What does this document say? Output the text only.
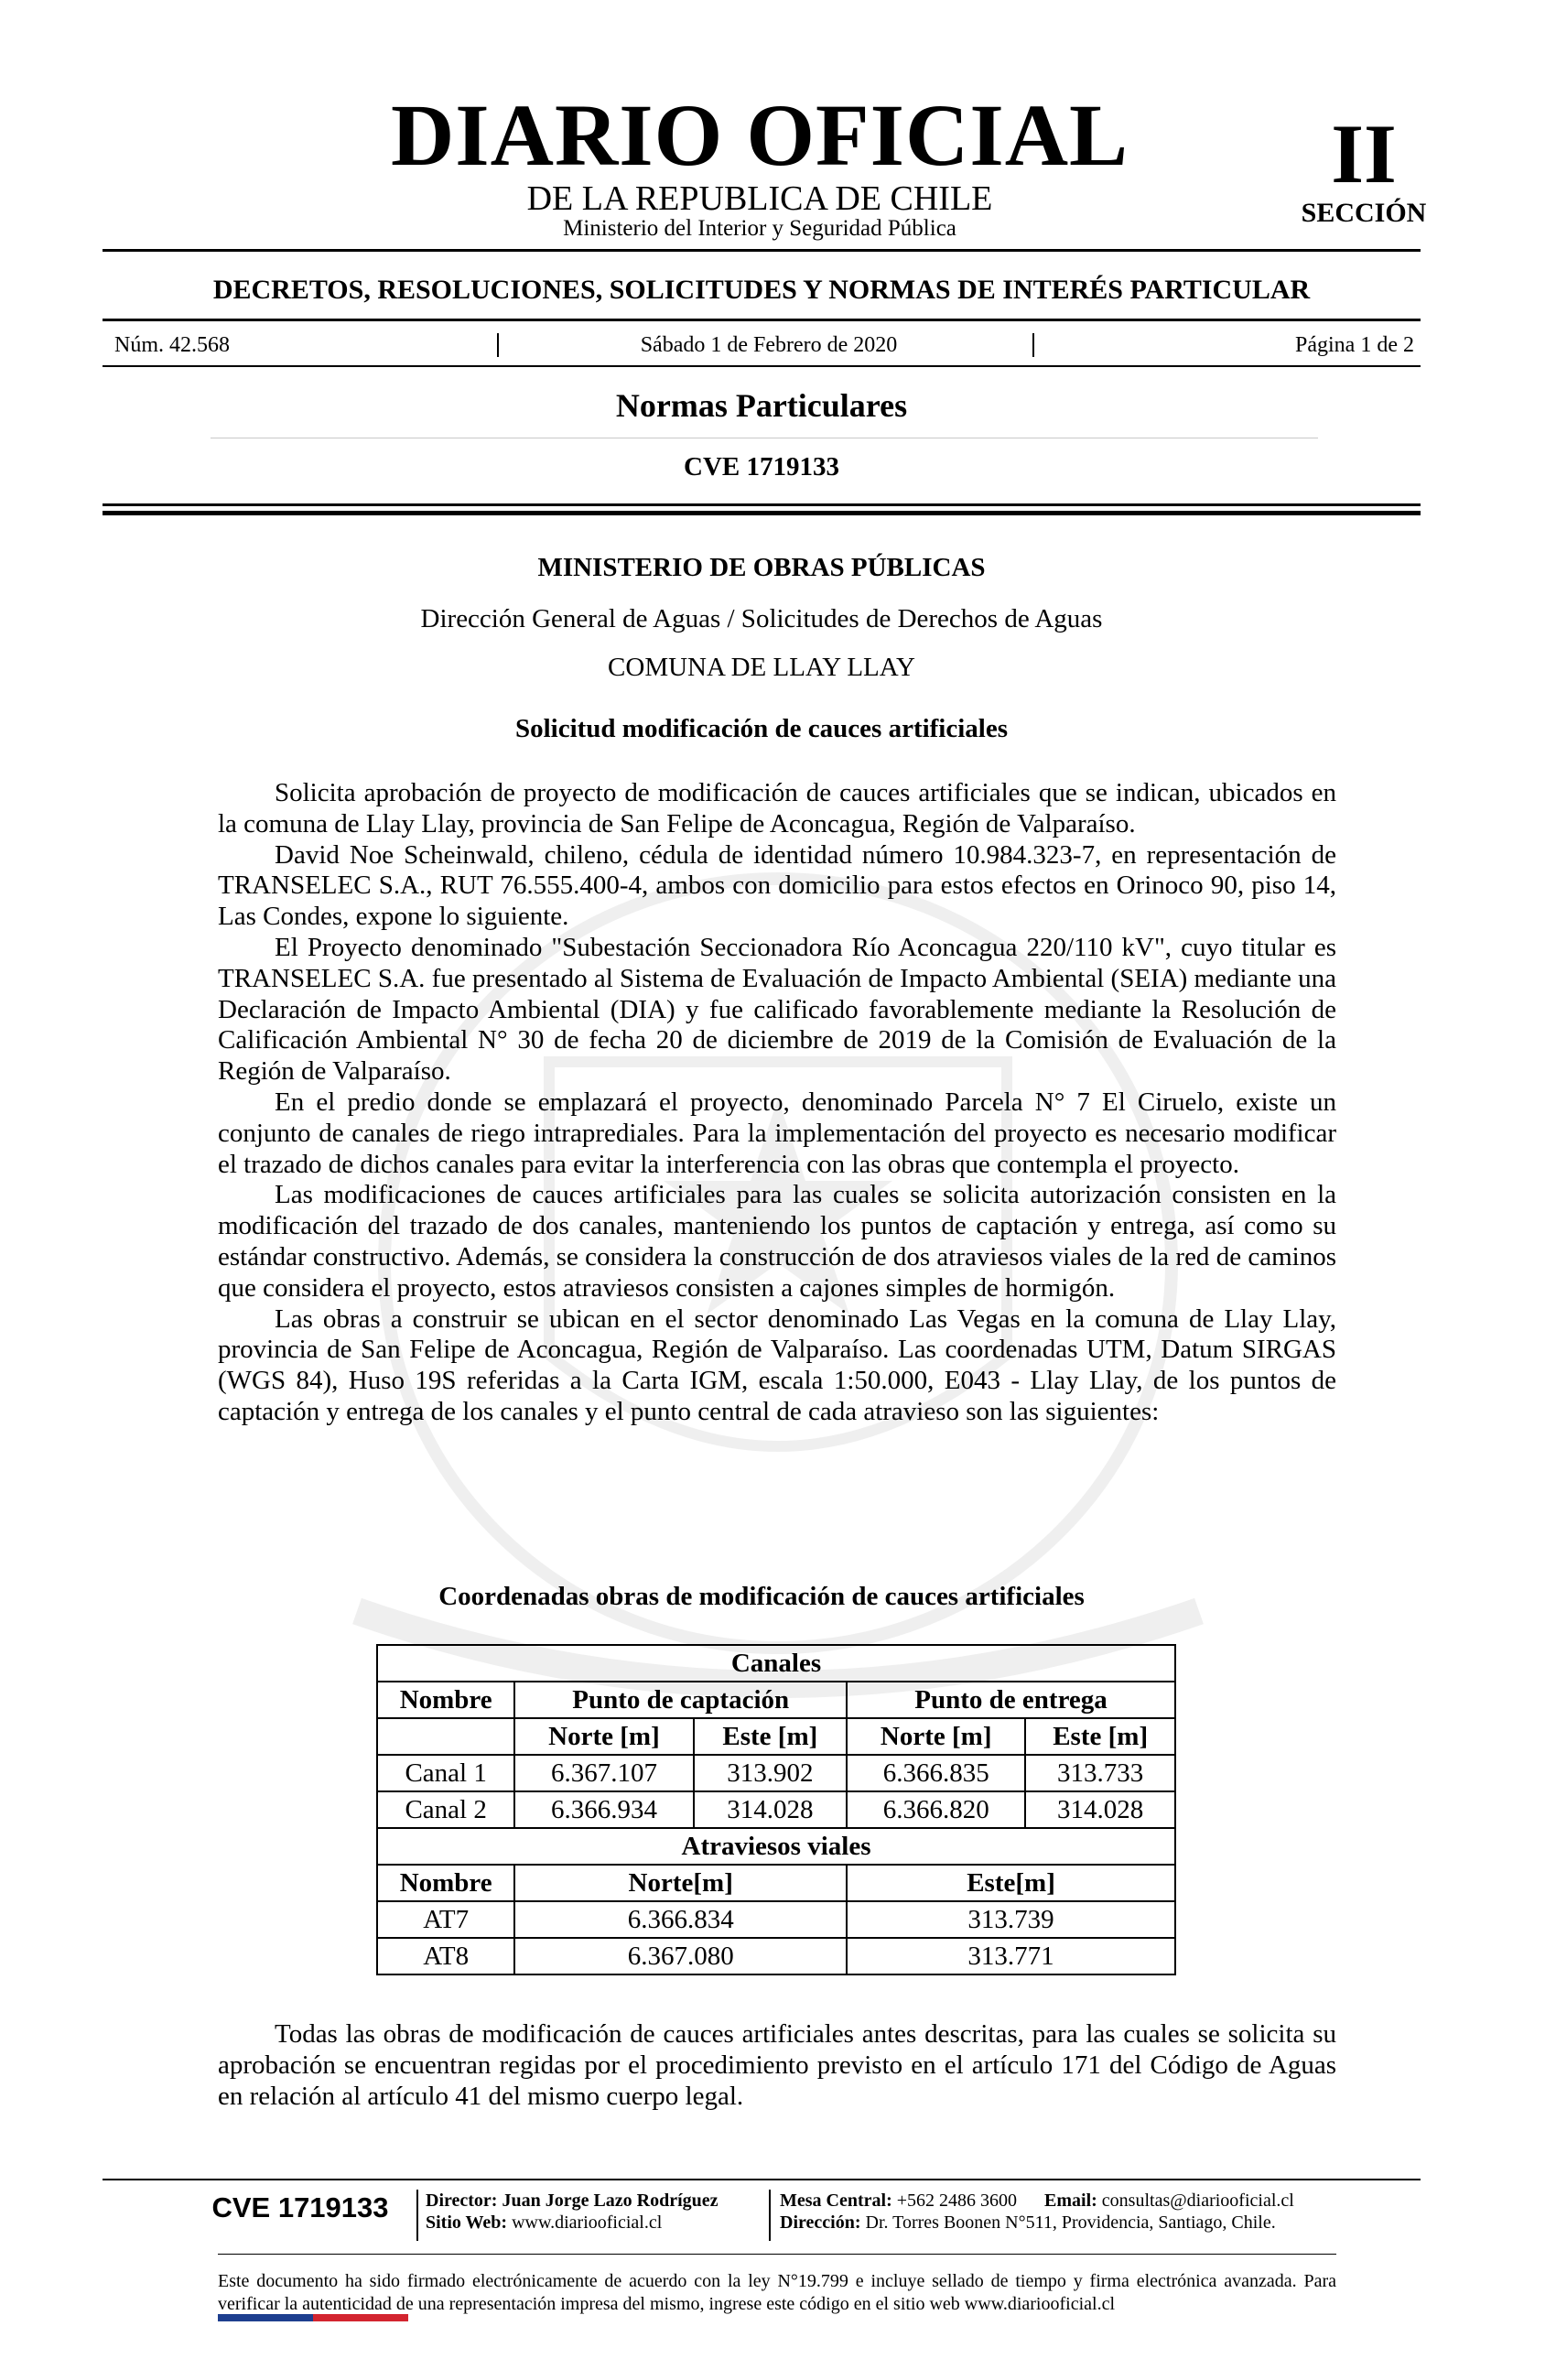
DIARIO OFICIAL
DE LA REPUBLICA DE CHILE
Ministerio del Interior y Seguridad Pública
II
SECCIÓN
DECRETOS, RESOLUCIONES, SOLICITUDES Y NORMAS DE INTERÉS PARTICULAR
Núm. 42.568	Sábado 1 de Febrero de 2020	Página 1 de 2
Normas Particulares
CVE 1719133
MINISTERIO DE OBRAS PÚBLICAS
Dirección General de Aguas / Solicitudes de Derechos de Aguas
COMUNA DE LLAY LLAY
Solicitud modificación de cauces artificiales

Solicita aprobación de proyecto de modificación de cauces artificiales que se indican, ubicados en la comuna de Llay Llay, provincia de San Felipe de Aconcagua, Región de Valparaíso.

David Noe Scheinwald, chileno, cédula de identidad número 10.984.323-7, en representación de TRANSELEC S.A., RUT 76.555.400-4, ambos con domicilio para estos efectos en Orinoco 90, piso 14, Las Condes, expone lo siguiente.

El Proyecto denominado "Subestación Seccionadora Río Aconcagua 220/110 kV", cuyo titular es TRANSELEC S.A. fue presentado al Sistema de Evaluación de Impacto Ambiental (SEIA) mediante una Declaración de Impacto Ambiental (DIA) y fue calificado favorablemente mediante la Resolución de Calificación Ambiental N° 30 de fecha 20 de diciembre de 2019 de la Comisión de Evaluación de la Región de Valparaíso.

En el predio donde se emplazará el proyecto, denominado Parcela N° 7 El Ciruelo, existe un conjunto de canales de riego intraprediales. Para la implementación del proyecto es necesario modificar el trazado de dichos canales para evitar la interferencia con las obras que contempla el proyecto.

Las modificaciones de cauces artificiales para las cuales se solicita autorización consisten en la modificación del trazado de dos canales, manteniendo los puntos de captación y entrega, así como su estándar constructivo. Además, se considera la construcción de dos atraviesos viales de la red de caminos que considera el proyecto, estos atraviesos consisten a cajones simples de hormigón.

Las obras a construir se ubican en el sector denominado Las Vegas en la comuna de Llay Llay, provincia de San Felipe de Aconcagua, Región de Valparaíso. Las coordenadas UTM, Datum SIRGAS (WGS 84), Huso 19S referidas a la Carta IGM, escala 1:50.000, E043 - Llay Llay, de los puntos de captación y entrega de los canales y el punto central de cada atravieso son las siguientes:

Coordenadas obras de modificación de cauces artificiales
Canales				
Nombre	Punto de captación		Punto de entrega	
	Norte [m]	Este [m]	Norte [m]	Este [m]
Canal 1	6.367.107	313.902	6.366.835	313.733
Canal 2	6.366.934	314.028	6.366.820	314.028
Atraviesos viales				
Nombre	Norte[m]		Este[m]	
AT7	6.366.834		313.739	
AT8	6.367.080		313.771	

Todas las obras de modificación de cauces artificiales antes descritas, para las cuales se solicita su aprobación se encuentran regidas por el procedimiento previsto en el artículo 171 del Código de Aguas en relación al artículo 41 del mismo cuerpo legal.

CVE 1719133	Director: Juan Jorge Lazo Rodríguez
Sitio Web: www.diariooficial.cl
Mesa Central: +562 2486 3600 Email: consultas@diariooficial.cl
Dirección: Dr. Torres Boonen N°511, Providencia, Santiago, Chile.
Este documento ha sido firmado electrónicamente de acuerdo con la ley N°19.799 e incluye sellado de tiempo y firma electrónica avanzada. Para verificar la autenticidad de una representación impresa del mismo, ingrese este código en el sitio web www.diariooficial.cl
